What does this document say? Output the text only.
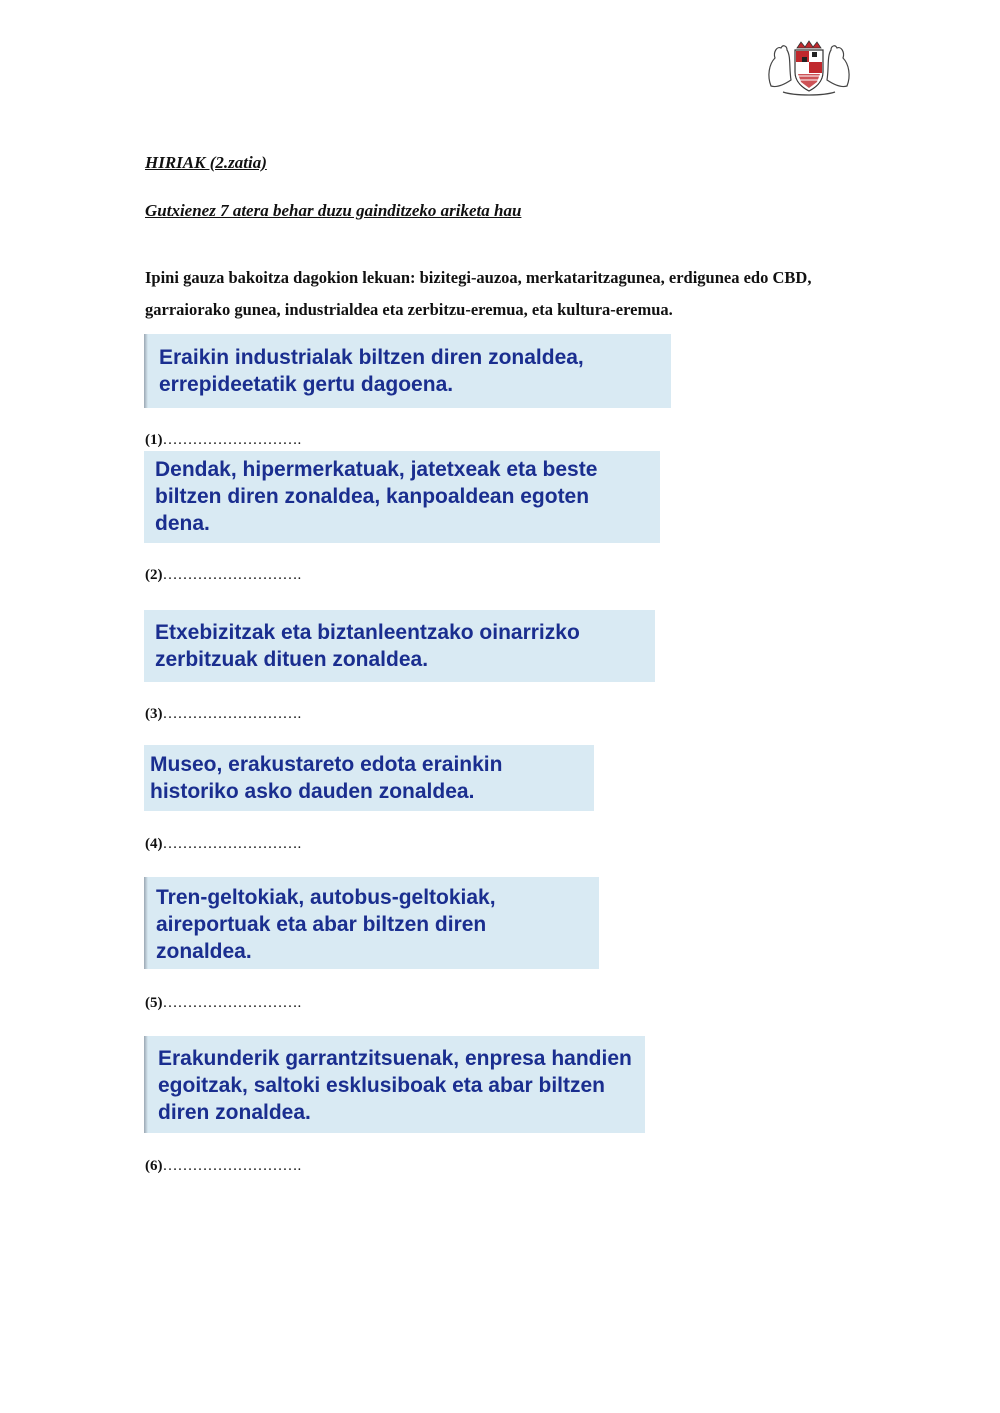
HIRIAK (2.zatia)

Gutxienez 7 atera behar duzu gainditzeko ariketa hau

Ipini gauza bakoitza dagokion lekuan: bizitegi-auzoa, merkataritzagunea, erdigunea edo CBD, garraiorako gunea, industrialdea eta zerbitzu-eremua, eta kultura-eremua.

Eraikin industrialak biltzen diren zonaldea, errepideetatik gertu dagoena.

(1)……………………….

Dendak, hipermerkatuak, jatetxeak eta beste biltzen diren zonaldea, kanpoaldean egoten dena.

(2)……………………….

Etxebizitzak eta biztanleentzako oinarrizko zerbitzuak dituen zonaldea.

(3)……………………….

Museo, erakustareto edota erainkin historiko asko dauden zonaldea.

(4)……………………….

Tren-geltokiak, autobus-geltokiak, aireportuak eta abar biltzen diren zonaldea.

(5)……………………….

Erakunderik garrantzitsuenak, enpresa handien egoitzak, saltoki esklusiboak eta abar biltzen diren zonaldea.

(6)……………………….
